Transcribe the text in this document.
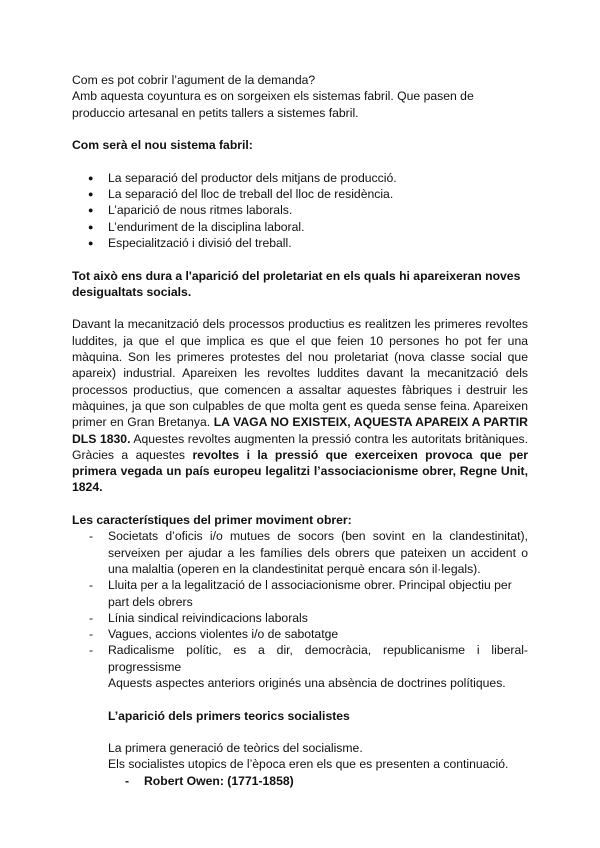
Com es pot cobrir l’agument de la demanda?

Amb aquesta coyuntura es on sorgeixen els sistemas fabril. Que pasen de produccio artesanal en petits tallers a sistemes fabril.

Com serà el nou sistema fabril:

● La separació del productor dels mitjans de producció.
● La separació del lloc de treball del lloc de residència.
● L’aparició de nous ritmes laborals.
● L’enduriment de la disciplina laboral.
● Especialització i divisió del treball.

Tot això ens dura a l'aparició del proletariat en els quals hi apareixeran noves desigualtats socials.

Davant la mecanització dels processos productius es realitzen les primeres revoltes luddites, ja que el que implica es que el que feien 10 persones ho pot fer una màquina. Son les primeres protestes del nou proletariat (nova classe social que apareix) industrial. Apareixen les revoltes luddites davant la mecanització dels processos productius, que comencen a assaltar aquestes fàbriques i destruir les màquines, ja que son culpables de que molta gent es queda sense feina. Apareixen primer en Gran Bretanya. LA VAGA NO EXISTEIX, AQUESTA APAREIX A PARTIR DLS 1830. Aquestes revoltes augmenten la pressió contra les autoritats britàniques. Gràcies a aquestes revoltes i la pressió que exerceixen provoca que per primera vegada un país europeu legalitzi l’associacionisme obrer, Regne Unit, 1824.

Les característiques del primer moviment obrer:

- Societats d’oficis i/o mutues de socors (ben sovint en la clandestinitat), serveixen per ajudar a les famílies dels obrers que pateixen un accident o una malaltia (operen en la clandestinitat perquè encara són il·legals).
- Lluita per a la legalització de l associacionisme obrer. Principal objectiu per part dels obrers
- Línia sindical reivindicacions laborals
- Vagues, accions violentes i/o de sabotatge
- Radicalisme polític, es a dir, democràcia, republicanisme i liberal-progressisme

Aquests aspectes anteriors originés una absència de doctrines polítiques.

L’aparició dels primers teorics socialistes

La primera generació de teòrics del socialisme.

Els socialistes utopics de l’època eren els que es presenten a continuació.

- Robert Owen: (1771-1858)
